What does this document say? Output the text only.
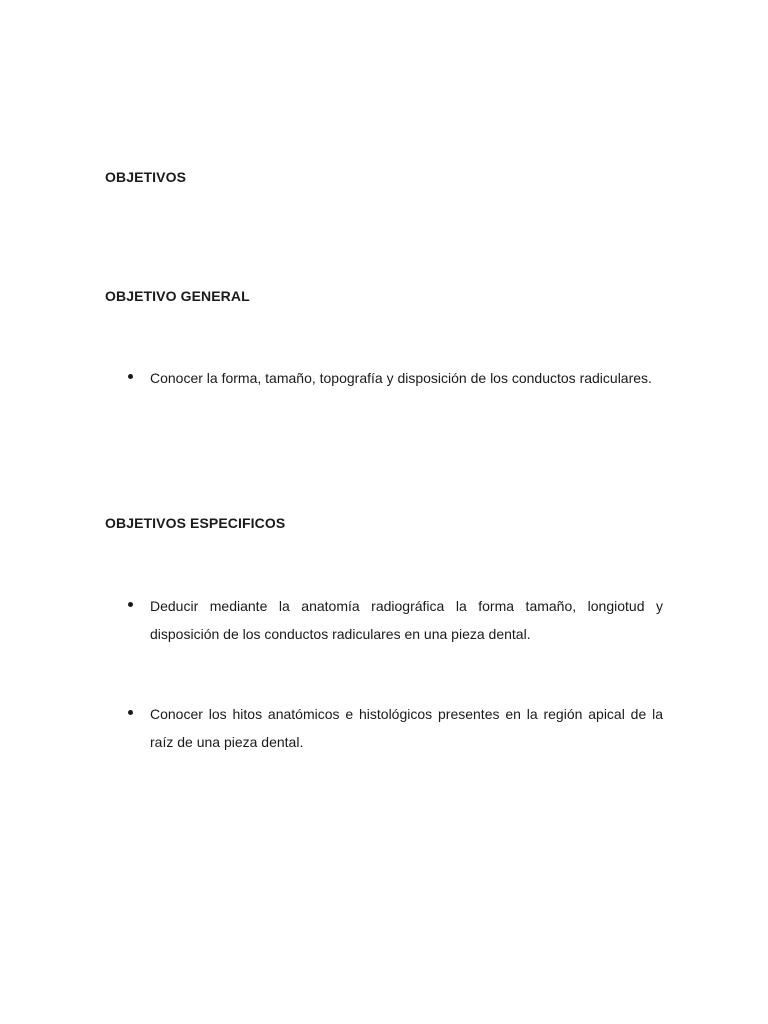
OBJETIVOS
OBJETIVO GENERAL

Conocer la forma, tamaño, topografía y disposición de los conductos radiculares.

OBJETIVOS ESPECIFICOS

Deducir mediante la anatomía radiográfica la forma tamaño, longiotud y disposición de los conductos radiculares en una pieza dental.

Conocer los hitos anatómicos e histológicos presentes en la región apical de la raíz de una pieza dental.
